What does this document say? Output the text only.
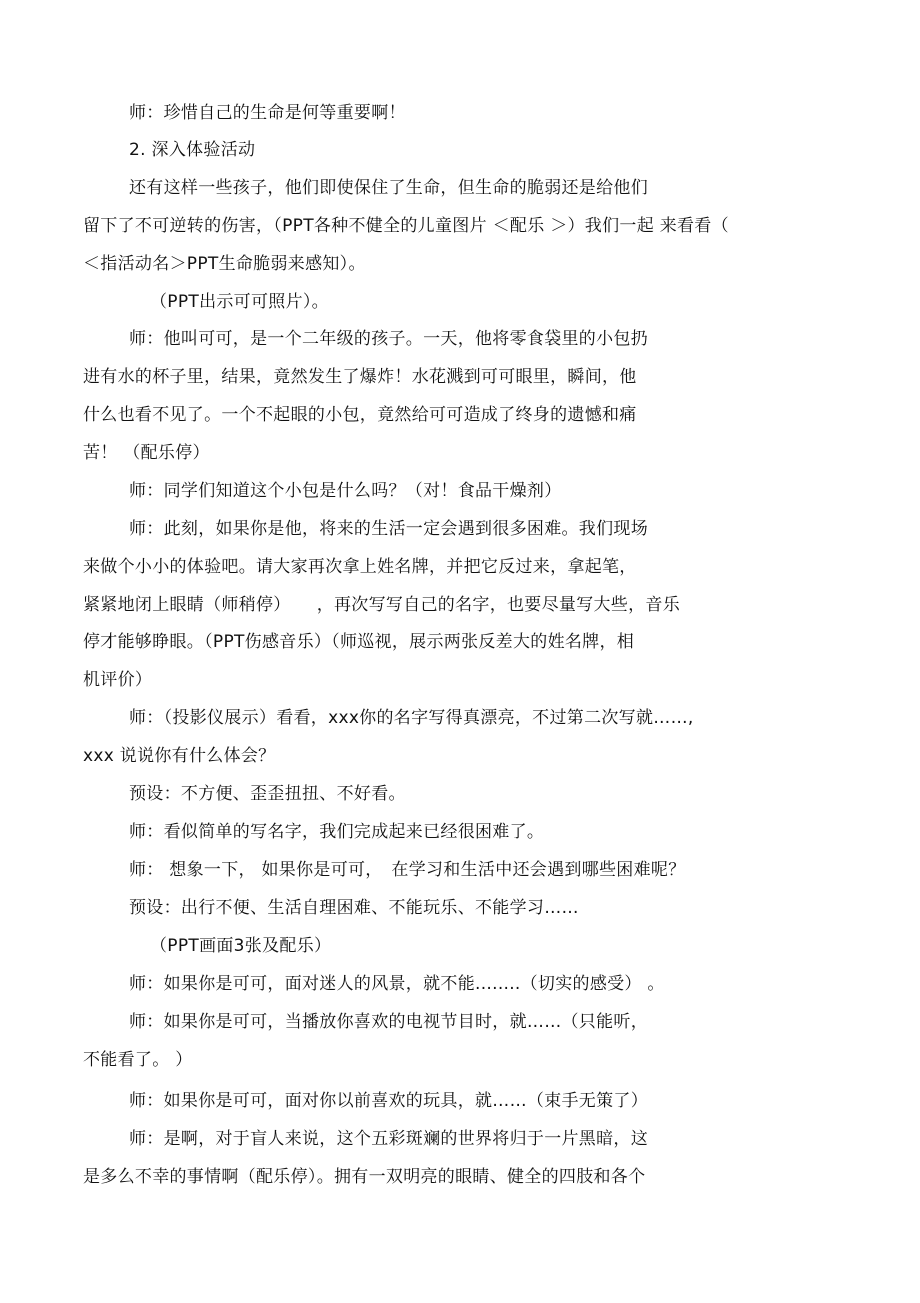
师：珍惜自己的生命是何等重要啊！
2. 深入体验活动
还有这样一些孩子，他们即使保住了生命，但生命的脆弱还是给他们
留下了不可逆转的伤害，（PPT各种不健全的儿童图片 ＜配乐 ＞）我们一起 来看看（
＜指活动名＞PPT生命脆弱来感知）。
（PPT出示可可照片）。
师：他叫可可，是一个二年级的孩子。一天，他将零食袋里的小包扔
进有水的杯子里，结果，竟然发生了爆炸！水花溅到可可眼里，瞬间，他
什么也看不见了。一个不起眼的小包，竟然给可可造成了终身的遗憾和痛
苦！ （配乐停）
师：同学们知道这个小包是什么吗？（对！食品干燥剂）
师：此刻，如果你是他，将来的生活一定会遇到很多困难。我们现场
来做个小小的体验吧。请大家再次拿上姓名牌，并把它反过来，拿起笔，
紧紧地闭上眼睛（师稍停）　　，再次写写自己的名字，也要尽量写大些，音乐
停才能够睁眼。（PPT伤感音乐）（师巡视，展示两张反差大的姓名牌，相
机评价）
师：（投影仪展示）看看，xxx你的名字写得真漂亮，不过第二次写就……,
xxx 说说你有什么体会？
预设：不方便、歪歪扭扭、不好看。
师：看似简单的写名字，我们完成起来已经很困难了。
师： 想象一下， 如果你是可可，　在学习和生活中还会遇到哪些困难呢？
预设：出行不便、生活自理困难、不能玩乐、不能学习……
（PPT画面3张及配乐）
师：如果你是可可，面对迷人的风景，就不能........（切实的感受） 。
师：如果你是可可，当播放你喜欢的电视节目时，就……（只能听，
不能看了。 ）
师：如果你是可可，面对你以前喜欢的玩具，就……（束手无策了）
师：是啊，对于盲人来说，这个五彩斑斓的世界将归于一片黑暗，这
是多么不幸的事情啊（配乐停）。拥有一双明亮的眼睛、健全的四肢和各个
